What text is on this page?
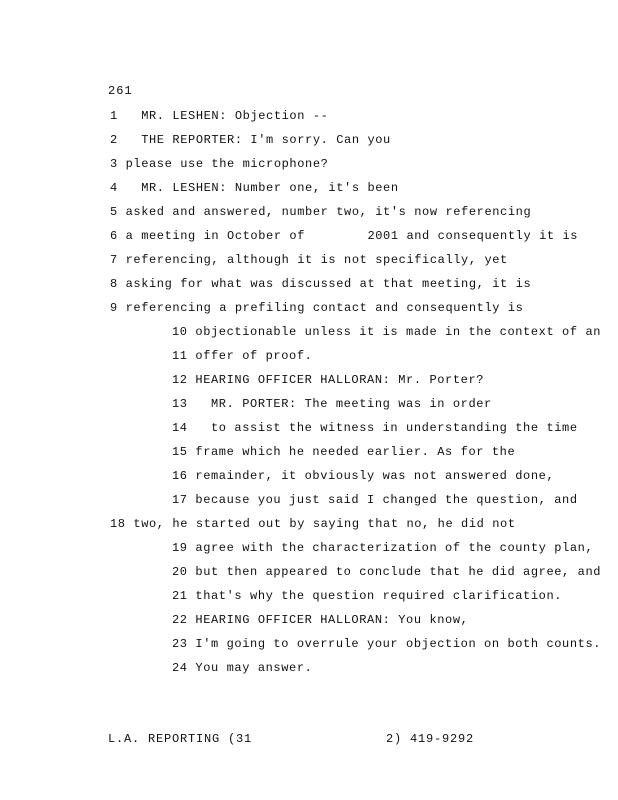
261
1   MR. LESHEN: Objection --
2   THE REPORTER: I'm sorry. Can you
3 please use the microphone?
4   MR. LESHEN: Number one, it's been
5 asked and answered, number two, it's now referencing
6 a meeting in October of        2001 and consequently it is
7 referencing, although it is not specifically, yet
8 asking for what was discussed at that meeting, it is
9 referencing a prefiling contact and consequently is
10 objectionable unless it is made in the context of an
11 offer of proof.
12 HEARING OFFICER HALLORAN: Mr. Porter?
13   MR. PORTER: The meeting was in order
14   to assist the witness in understanding the time
15 frame which he needed earlier. As for the
16 remainder, it obviously was not answered done,
17 because you just said I changed the question, and
18 two, he started out by saying that no, he did not
19 agree with the characterization of the county plan,
20 but then appeared to conclude that he did agree, and
21 that's why the question required clarification.
22 HEARING OFFICER HALLORAN: You know,
23 I'm going to overrule your objection on both counts.
24 You may answer.
L.A. REPORTING (31	2) 419-9292
